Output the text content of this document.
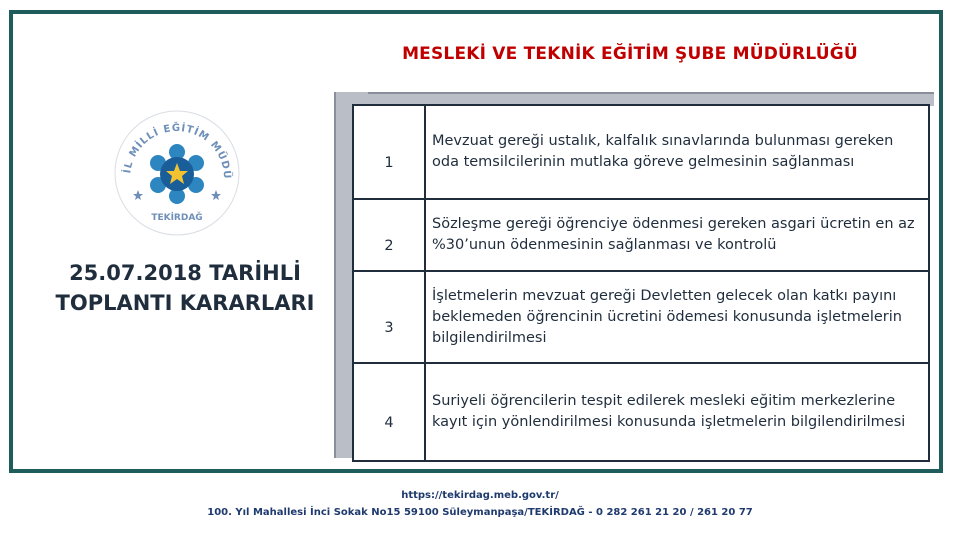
MESLEKİ VE TEKNİK EĞİTİM ŞUBE MÜDÜRLÜĞÜ
İL MİLLİ EĞİTİM MÜDÜ
TEKİRDAĞ
25.07.2018 TARİHLİ
TOPLANTI KARARLARI
1	Mevzuat gereği ustalık, kalfalık sınavlarında bulunması gereken oda temsilcilerinin mutlaka göreve gelmesinin sağlanması
2	Sözleşme gereği öğrenciye ödenmesi gereken asgari ücretin en az %30’unun ödenmesinin sağlanması ve kontrolü
3	İşletmelerin mevzuat gereği Devletten gelecek olan katkı payını beklemeden öğrencinin ücretini ödemesi konusunda işletmelerin bilgilendirilmesi
4	Suriyeli öğrencilerin tespit edilerek mesleki eğitim merkezlerine kayıt için yönlendirilmesi konusunda işletmelerin bilgilendirilmesi
https://tekirdag.meb.gov.tr/
100. Yıl Mahallesi İnci Sokak No15 59100 Süleymanpaşa/TEKİRDAĞ - 0 282 261 21 20 / 261 20 77
